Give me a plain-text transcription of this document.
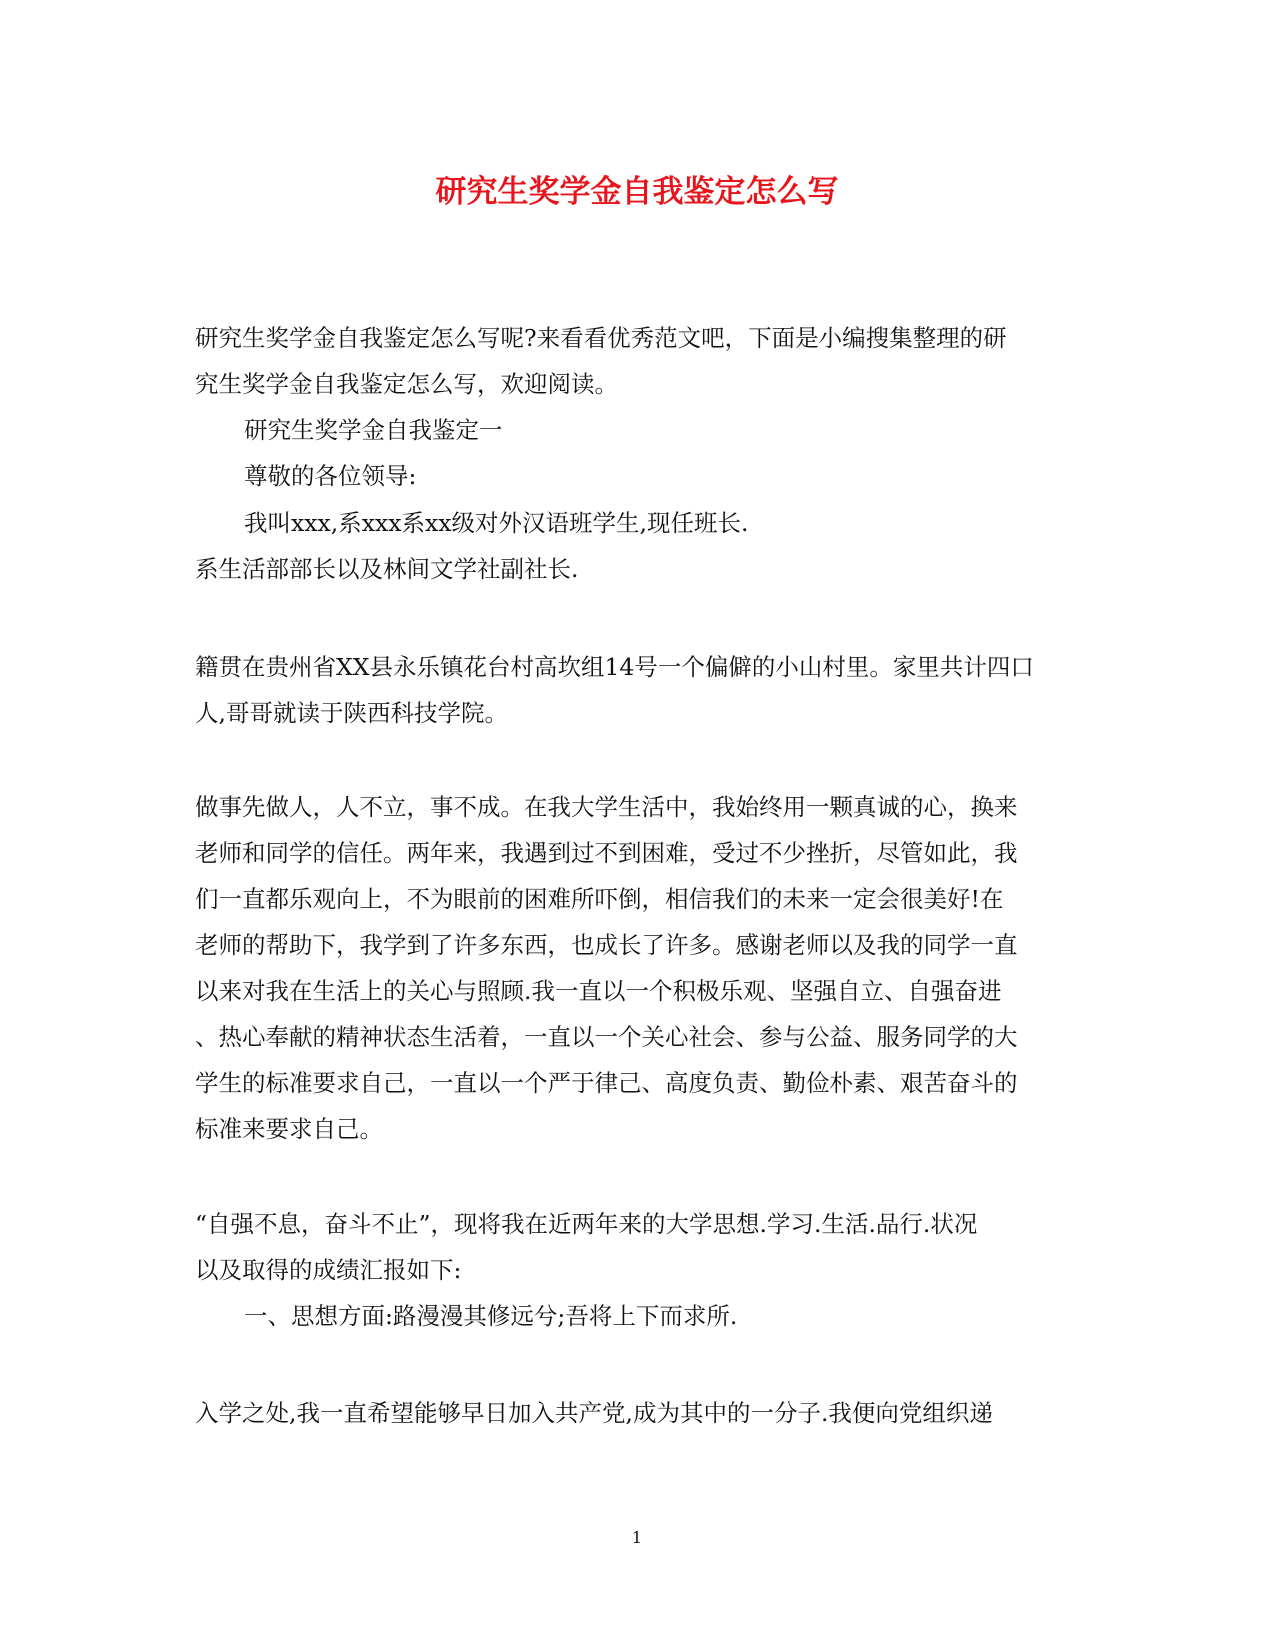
研究生奖学金自我鉴定怎么写
研究生奖学金自我鉴定怎么写呢?来看看优秀范文吧，下面是小编搜集整理的研
究生奖学金自我鉴定怎么写，欢迎阅读。
研究生奖学金自我鉴定一
尊敬的各位领导:
我叫xxx,系xxx系xx级对外汉语班学生,现任班长.
系生活部部长以及林间文学社副社长.
籍贯在贵州省XX县永乐镇花台村高坎组14号一个偏僻的小山村里。家里共计四口
人,哥哥就读于陕西科技学院。
做事先做人，人不立，事不成。在我大学生活中，我始终用一颗真诚的心，换来
老师和同学的信任。两年来，我遇到过不到困难，受过不少挫折，尽管如此，我
们一直都乐观向上，不为眼前的困难所吓倒，相信我们的未来一定会很美好!在
老师的帮助下，我学到了许多东西，也成长了许多。感谢老师以及我的同学一直
以来对我在生活上的关心与照顾.我一直以一个积极乐观、坚强自立、自强奋进
、热心奉献的精神状态生活着，一直以一个关心社会、参与公益、服务同学的大
学生的标准要求自己，一直以一个严于律己、高度负责、勤俭朴素、艰苦奋斗的
标准来要求自己。
“自强不息，奋斗不止”，现将我在近两年来的大学思想.学习.生活.品行.状况
以及取得的成绩汇报如下:
一、思想方面:路漫漫其修远兮;吾将上下而求所.
入学之处,我一直希望能够早日加入共产党,成为其中的一分子.我便向党组织递
1
